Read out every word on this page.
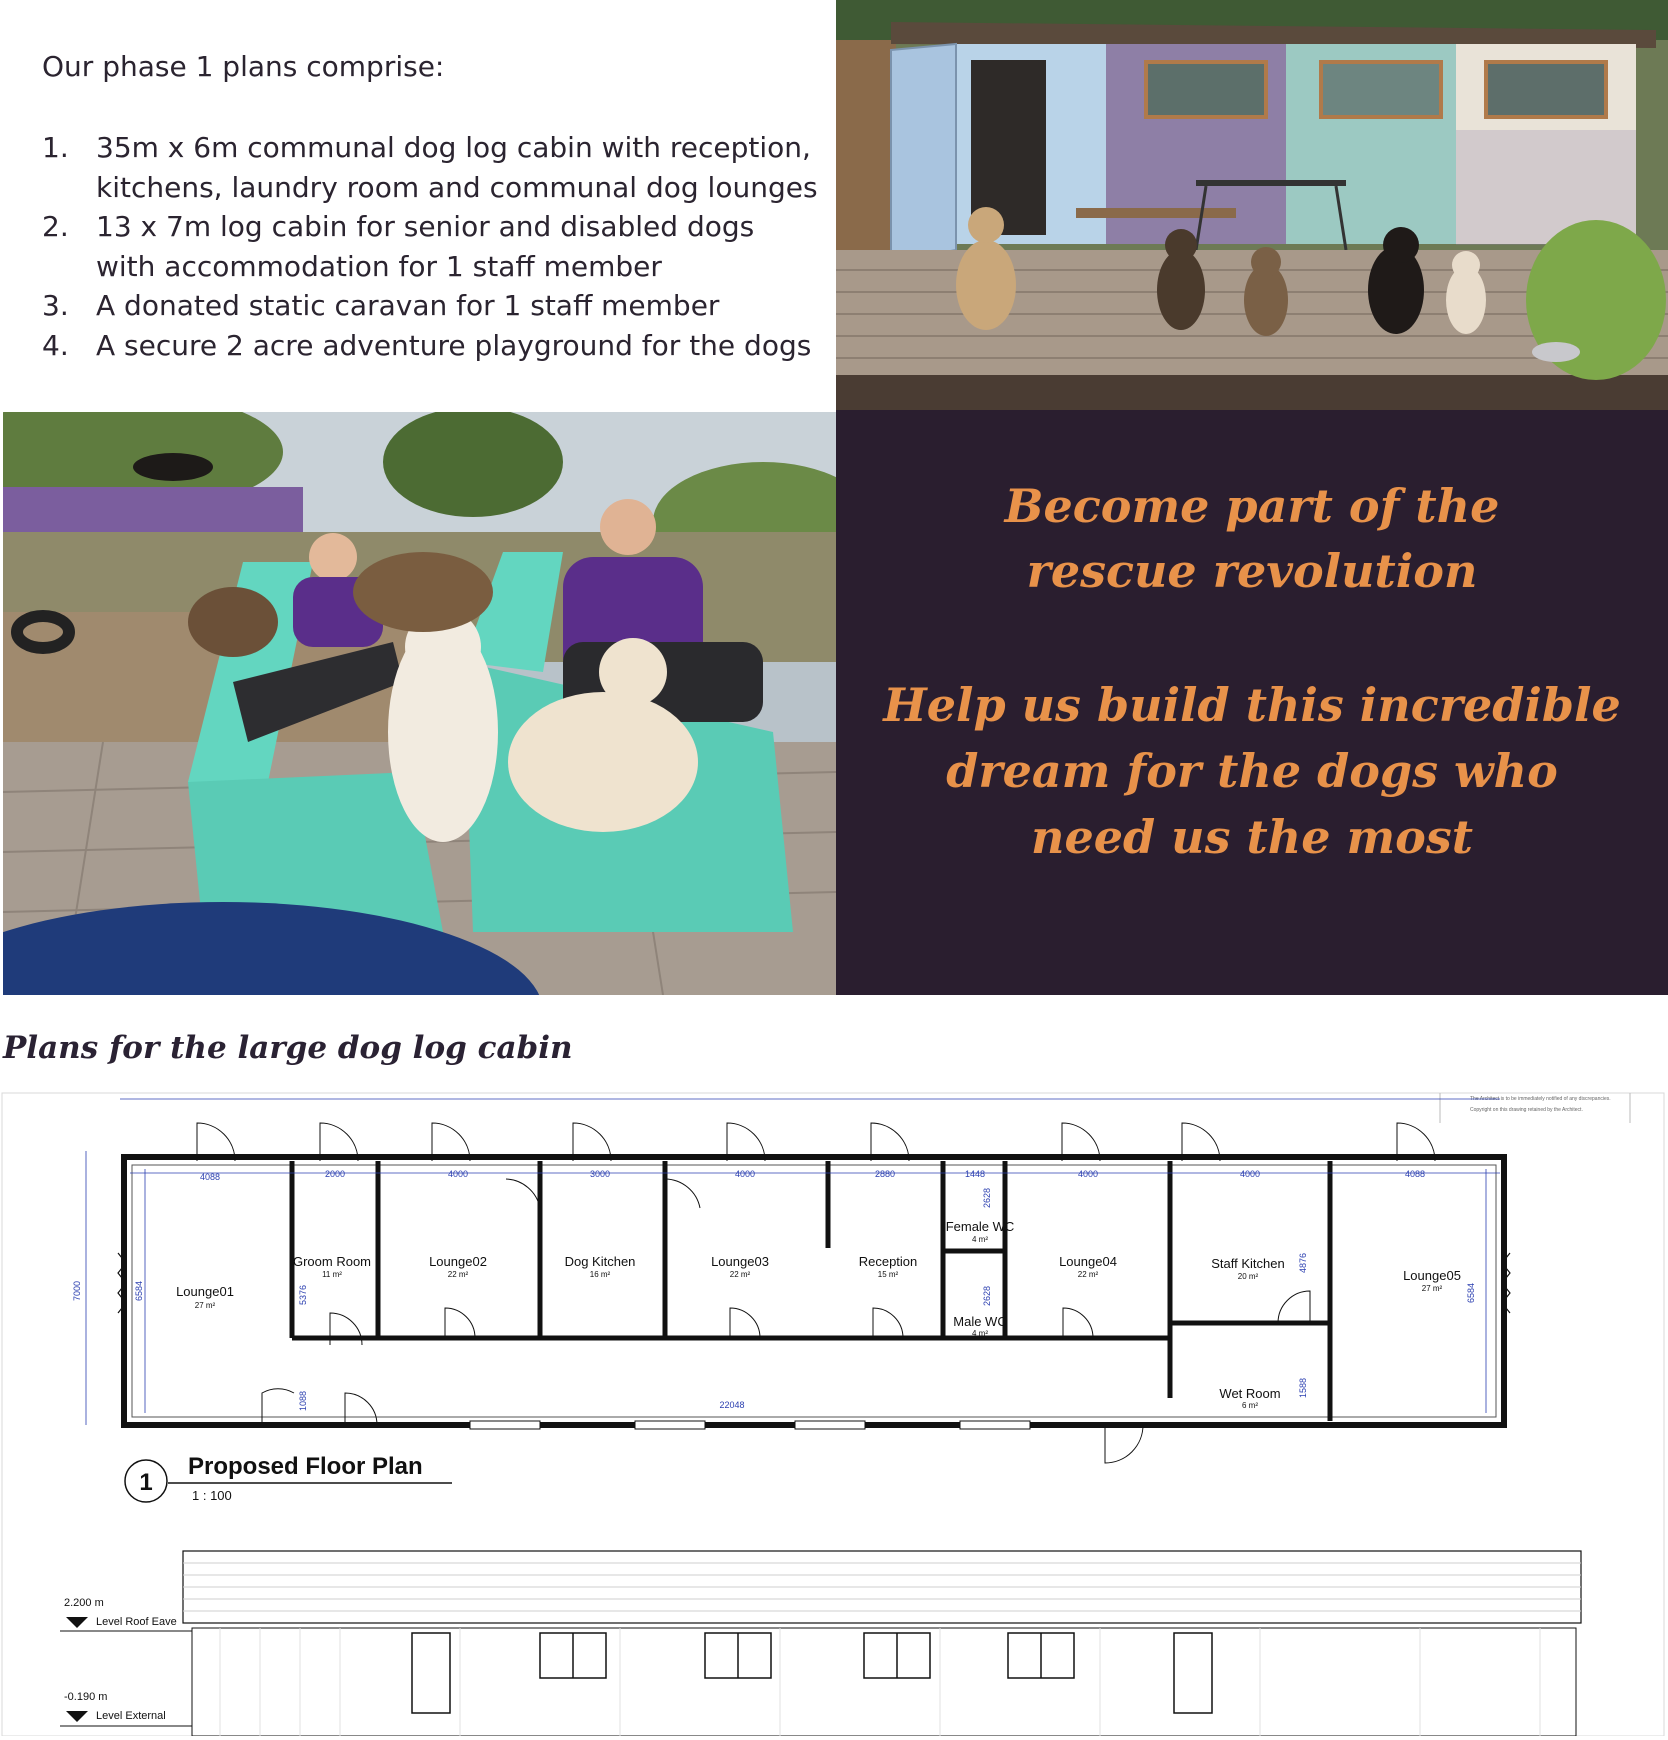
Our phase 1 plans comprise:
1. 35m x 6m communal dog log cabin with reception, kitchens, laundry room and communal dog lounges
2. 13 x 7m log cabin for senior and disabled dogs with accommodation for 1 staff member
3. A donated static caravan for 1 staff member
4. A secure 2 acre adventure playground for the dogs
Become part of the
rescue revolution
Help us build this incredible
dream for the dogs who
need us the most
Plans for the large dog log cabin
The Architect is to be immediately notified of any discrepancies.
Copyright on this drawing retained by the Architect.
Lounge01
27 m²
Groom Room
11 m²
Lounge02
22 m²
Dog Kitchen
16 m²
Lounge03
22 m²
Reception
15 m²
Female WC
4 m²
Male WC
4 m²
Lounge04
22 m²
Staff Kitchen
20 m²
Wet Room
6 m²
Lounge05
27 m²
4088	2000	4000	3000	4000	2880	1448	4000	4000	4088
22048
7000	6584	5376
1088
2628
2628
4876
1588
6584
1
Proposed Floor Plan
1 : 100
2.200 m
Level Roof Eave
-0.190 m
Level External
